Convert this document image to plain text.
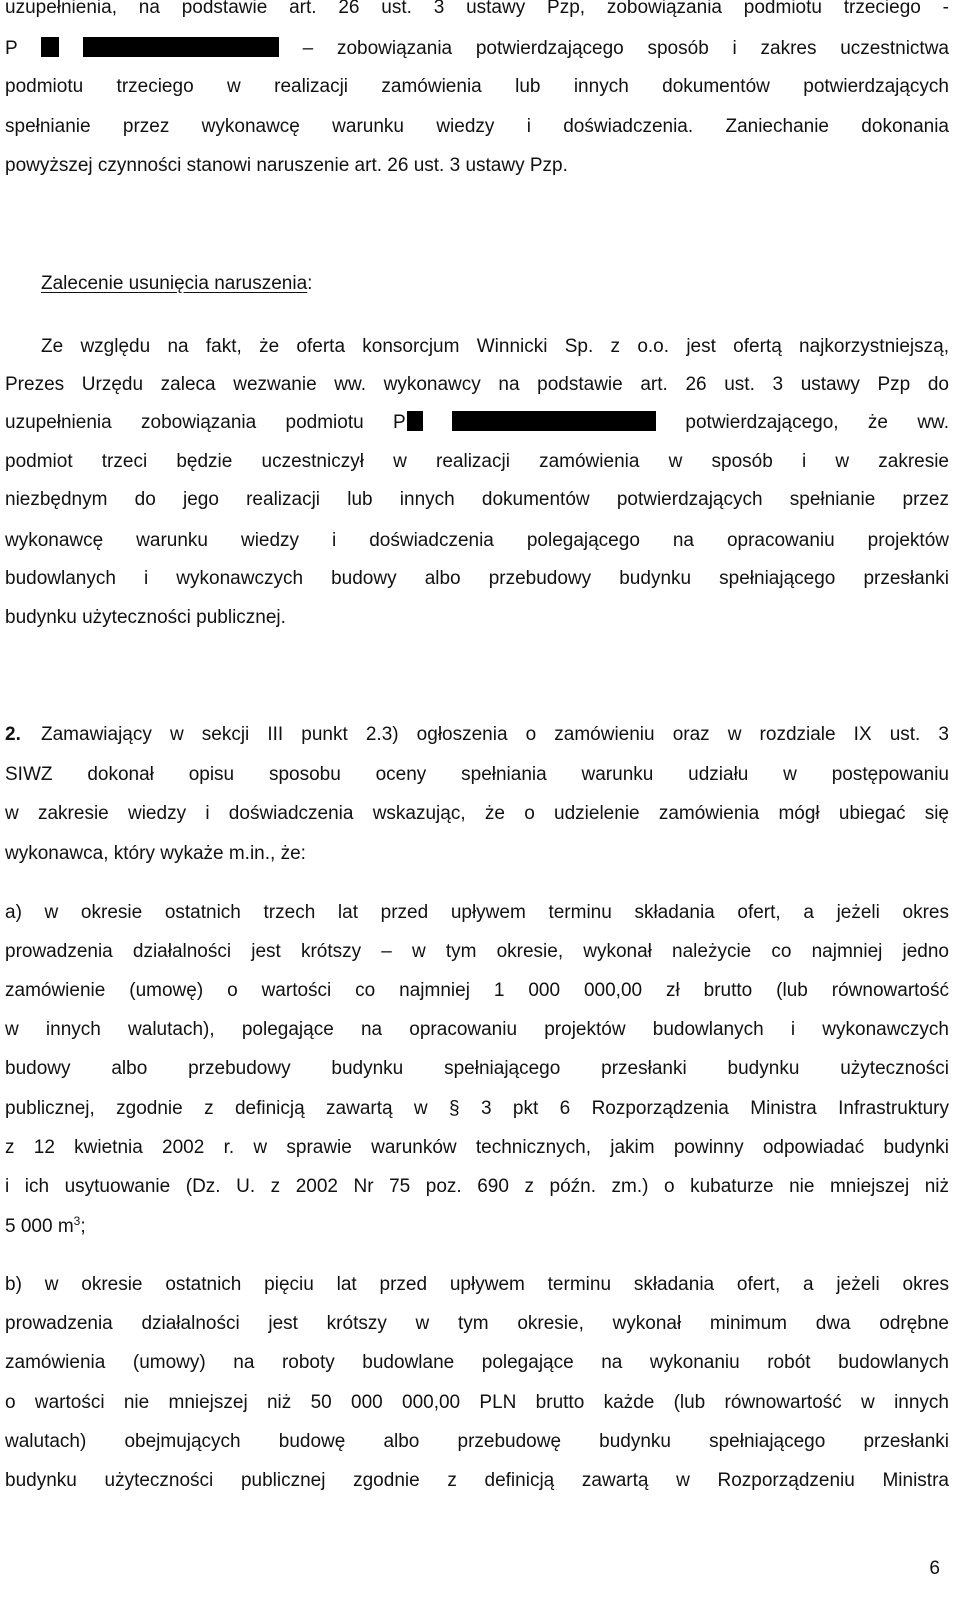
uzupełnienia, na podstawie art. 26 ust. 3 ustawy Pzp, zobowiązania podmiotu trzeciego -
P	– zobowiązania potwierdzającego sposób i zakres uczestnictwa
podmiotu trzeciego w realizacji zamówienia lub innych dokumentów potwierdzających
spełnianie przez wykonawcę warunku wiedzy i doświadczenia. Zaniechanie dokonania
powyższej czynności stanowi naruszenie art. 26 ust. 3 ustawy Pzp.
Zalecenie usunięcia naruszenia:
Ze względu na fakt, że oferta konsorcjum Winnicki Sp. z o.o. jest ofertą najkorzystniejszą,
Prezes Urzędu zaleca wezwanie ww. wykonawcy na podstawie art. 26 ust. 3 ustawy Pzp do
uzupełnienia zobowiązania podmiotu P	potwierdzającego, że ww.
podmiot trzeci będzie uczestniczył w realizacji zamówienia w sposób i w zakresie
niezbędnym do jego realizacji lub innych dokumentów potwierdzających spełnianie przez
wykonawcę warunku wiedzy i doświadczenia polegającego na opracowaniu projektów
budowlanych i wykonawczych budowy albo przebudowy budynku spełniającego przesłanki
budynku użyteczności publicznej.
2. Zamawiający w sekcji III punkt 2.3) ogłoszenia o zamówieniu oraz w rozdziale IX ust. 3
SIWZ dokonał opisu sposobu oceny spełniania warunku udziału w postępowaniu
w zakresie wiedzy i doświadczenia wskazując, że o udzielenie zamówienia mógł ubiegać się
wykonawca, który wykaże m.in., że:
a) w okresie ostatnich trzech lat przed upływem terminu składania ofert, a jeżeli okres
prowadzenia działalności jest krótszy – w tym okresie, wykonał należycie co najmniej jedno
zamówienie (umowę) o wartości co najmniej 1 000 000,00 zł brutto (lub równowartość
w innych walutach), polegające na opracowaniu projektów budowlanych i wykonawczych
budowy albo przebudowy budynku spełniającego przesłanki budynku użyteczności
publicznej, zgodnie z definicją zawartą w § 3 pkt 6 Rozporządzenia Ministra Infrastruktury
z 12 kwietnia 2002 r. w sprawie warunków technicznych, jakim powinny odpowiadać budynki
i ich usytuowanie (Dz. U. z 2002 Nr 75 poz. 690 z późn. zm.) o kubaturze nie mniejszej niż
5 000 $m^3$;
b) w okresie ostatnich pięciu lat przed upływem terminu składania ofert, a jeżeli okres
prowadzenia działalności jest krótszy w tym okresie, wykonał minimum dwa odrębne
zamówienia (umowy) na roboty budowlane polegające na wykonaniu robót budowlanych
o wartości nie mniejszej niż 50 000 000,00 PLN brutto każde (lub równowartość w innych
walutach) obejmujących budowę albo przebudowę budynku spełniającego przesłanki
budynku użyteczności publicznej zgodnie z definicją zawartą w Rozporządzeniu Ministra
6
